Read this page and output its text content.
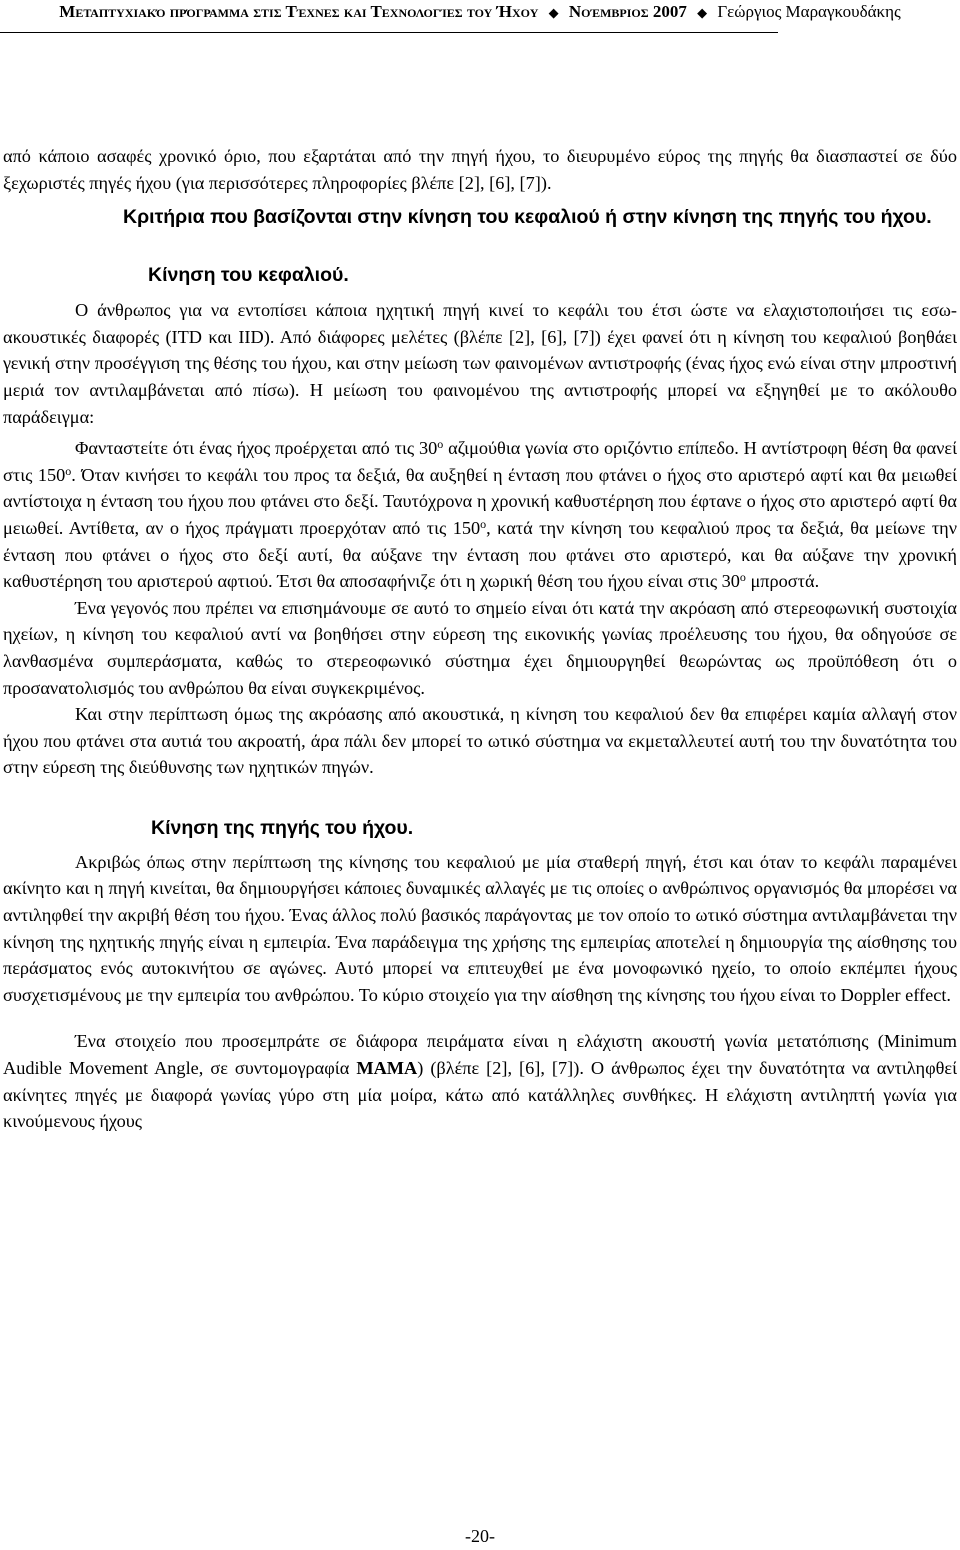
Μεταπτυχιακό πρόγραμμα στις Τέχνες και Τεχνολογίες του Ήχου ◆ Νοέμβριος 2007 ◆ Γεώργιος Μαραγκουδάκης

από κάποιο ασαφές χρονικό όριο, που εξαρτάται από την πηγή ήχου, το διευρυμένο εύρος της πηγής θα διασπαστεί σε δύο ξεχωριστές πηγές ήχου (για περισσότερες πληροφορίες βλέπε [2], [6], [7]).

Κριτήρια που βασίζονται στην κίνηση του κεφαλιού ή στην κίνηση της πηγής του ήχου.

Κίνηση του κεφαλιού.

Ο άνθρωπος για να εντοπίσει κάποια ηχητική πηγή κινεί το κεφάλι του έτσι ώστε να ελαχιστοποιήσει τις εσω-ακουστικές διαφορές (ITD και IID). Από διάφορες μελέτες (βλέπε [2], [6], [7]) έχει φανεί ότι η κίνηση του κεφαλιού βοηθάει γενική στην προσέγγιση της θέσης του ήχου, και στην μείωση των φαινομένων αντιστροφής (ένας ήχος ενώ είναι στην μπροστινή μεριά τον αντιλαμβάνεται από πίσω). Η μείωση του φαινομένου της αντιστροφής μπορεί να εξηγηθεί με το ακόλουθο παράδειγμα:

Φανταστείτε ότι ένας ήχος προέρχεται από τις $30^o$ αζιμούθια γωνία στο οριζόντιο επίπεδο. Η αντίστροφη θέση θα φανεί στις $150^o$. Όταν κινήσει το κεφάλι του προς τα δεξιά, θα αυξηθεί η ένταση που φτάνει ο ήχος στο αριστερό αφτί και θα μειωθεί αντίστοιχα η ένταση του ήχου που φτάνει στο δεξί. Ταυτόχρονα η χρονική καθυστέρηση που έφτανε ο ήχος στο αριστερό αφτί θα μειωθεί. Αντίθετα, αν ο ήχος πράγματι προερχόταν από τις $150^o$, κατά την κίνηση του κεφαλιού προς τα δεξιά, θα μείωνε την ένταση που φτάνει ο ήχος στο δεξί αυτί, θα αύξανε την ένταση που φτάνει στο αριστερό, και θα αύξανε την χρονική καθυστέρηση του αριστερού αφτιού. Έτσι θα αποσαφήνιζε ότι η χωρική θέση του ήχου είναι στις $30^o$ μπροστά.

Ένα γεγονός που πρέπει να επισημάνουμε σε αυτό το σημείο είναι ότι κατά την ακρόαση από στερεοφωνική συστοιχία ηχείων, η κίνηση του κεφαλιού αντί να βοηθήσει στην εύρεση της εικονικής γωνίας προέλευσης του ήχου, θα οδηγούσε σε λανθασμένα συμπεράσματα, καθώς το στερεοφωνικό σύστημα έχει δημιουργηθεί θεωρώντας ως προϋπόθεση ότι ο προσανατολισμός του ανθρώπου θα είναι συγκεκριμένος.

Και στην περίπτωση όμως της ακρόασης από ακουστικά, η κίνηση του κεφαλιού δεν θα επιφέρει καμία αλλαγή στον ήχου που φτάνει στα αυτιά του ακροατή, άρα πάλι δεν μπορεί το ωτικό σύστημα να εκμεταλλευτεί αυτή του την δυνατότητα του στην εύρεση της διεύθυνσης των ηχητικών πηγών.

Κίνηση της πηγής του ήχου.

Ακριβώς όπως στην περίπτωση της κίνησης του κεφαλιού με μία σταθερή πηγή, έτσι και όταν το κεφάλι παραμένει ακίνητο και η πηγή κινείται, θα δημιουργήσει κάποιες δυναμικές αλλαγές με τις οποίες ο ανθρώπινος οργανισμός θα μπορέσει να αντιληφθεί την ακριβή θέση του ήχου. Ένας άλλος πολύ βασικός παράγοντας με τον οποίο το ωτικό σύστημα αντιλαμβάνεται την κίνηση της ηχητικής πηγής είναι η εμπειρία. Ένα παράδειγμα της χρήσης της εμπειρίας αποτελεί η δημιουργία της αίσθησης του περάσματος ενός αυτοκινήτου σε αγώνες. Αυτό μπορεί να επιτευχθεί με ένα μονοφωνικό ηχείο, το οποίο εκπέμπει ήχους συσχετισμένους με την εμπειρία του ανθρώπου. Το κύριο στοιχείο για την αίσθηση της κίνησης του ήχου είναι το Doppler effect.

Ένα στοιχείο που προσεμπράτε σε διάφορα πειράματα είναι η ελάχιστη ακουστή γωνία μετατόπισης (Minimum Audible Movement Angle, σε συντομογραφία MAMA) (βλέπε [2], [6], [7]). Ο άνθρωπος έχει την δυνατότητα να αντιληφθεί ακίνητες πηγές με διαφορά γωνίας γύρο στη μία μοίρα, κάτω από κατάλληλες συνθήκες. Η ελάχιστη αντιληπτή γωνία για κινούμενους ήχους

-20-
